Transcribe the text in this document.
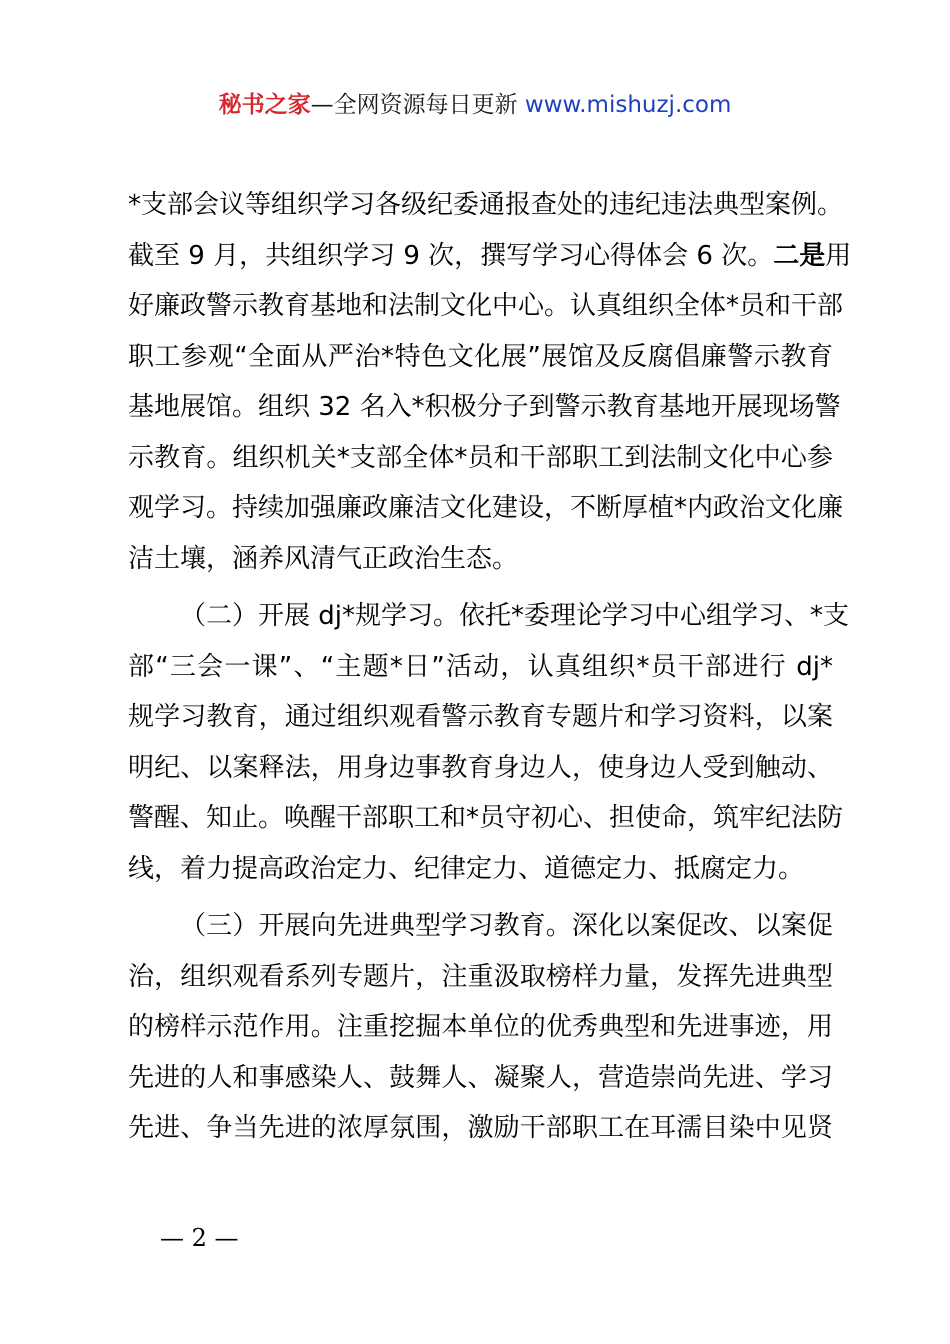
秘书之家—全网资源每日更新 www.mishuzj.com
*支部会议等组织学习各级纪委通报查处的违纪违法典型案例。
截至 9 月，共组织学习 9 次，撰写学习心得体会 6 次。二是用
好廉政警示教育基地和法制文化中心。认真组织全体*员和干部
职工参观“全面从严治*特色文化展”展馆及反腐倡廉警示教育
基地展馆。组织 32 名入*积极分子到警示教育基地开展现场警
示教育。组织机关*支部全体*员和干部职工到法制文化中心参
观学习。持续加强廉政廉洁文化建设，不断厚植*内政治文化廉
洁土壤，涵养风清气正政治生态。
（二）开展 dj*规学习。依托*委理论学习中心组学习、*支
部“三会一课”、“主题*日”活动，认真组织*员干部进行 dj*
规学习教育，通过组织观看警示教育专题片和学习资料，以案
明纪、以案释法，用身边事教育身边人，使身边人受到触动、
警醒、知止。唤醒干部职工和*员守初心、担使命，筑牢纪法防
线，着力提高政治定力、纪律定力、道德定力、抵腐定力。
（三）开展向先进典型学习教育。深化以案促改、以案促
治，组织观看系列专题片，注重汲取榜样力量，发挥先进典型
的榜样示范作用。注重挖掘本单位的优秀典型和先进事迹，用
先进的人和事感染人、鼓舞人、凝聚人，营造崇尚先进、学习
先进、争当先进的浓厚氛围，激励干部职工在耳濡目染中见贤
— 2 —
